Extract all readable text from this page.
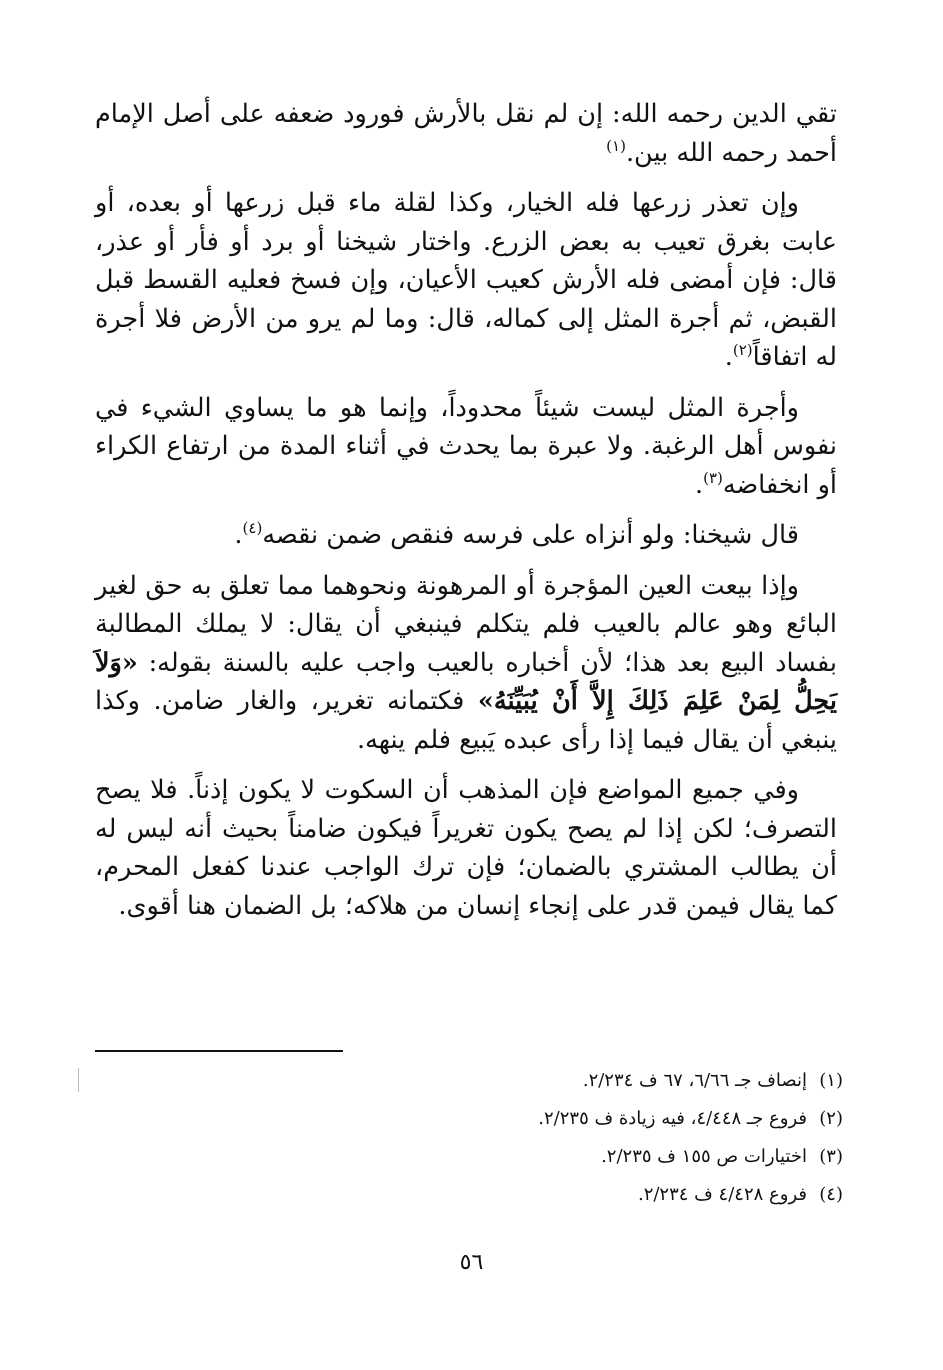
تقي الدين رحمه الله: إن لم نقل بالأرش فورود ضعفه على أصل الإمام أحمد رحمه الله بين.$^{(١)}$

وإن تعذر زرعها فله الخيار، وكذا لقلة ماء قبل زرعها أو بعده، أو عابت بغرق تعيب به بعض الزرع. واختار شيخنا أو برد أو فأر أو عذر، قال: فإن أمضى فله الأرش كعيب الأعيان، وإن فسخ فعليه القسط قبل القبض، ثم أجرة المثل إلى كماله، قال: وما لم يرو من الأرض فلا أجرة له اتفاقاً$^{(٢)}$.

وأجرة المثل ليست شيئاً محدوداً، وإنما هو ما يساوي الشيء في نفوس أهل الرغبة. ولا عبرة بما يحدث في أثناء المدة من ارتفاع الكراء أو انخفاضه$^{(٣)}$.

قال شيخنا: ولو أنزاه على فرسه فنقص ضمن نقصه$^{(٤)}$.

وإذا بيعت العين المؤجرة أو المرهونة ونحوهما مما تعلق به حق لغير البائع وهو عالم بالعيب فلم يتكلم فينبغي أن يقال: لا يملك المطالبة بفساد البيع بعد هذا؛ لأن أخباره بالعيب واجب عليه بالسنة بقوله: «وَلاَ يَحِلُّ لِمَنْ عَلِمَ ذَلِكَ إِلاَّ أَنْ يُبَيِّنَهُ» فكتمانه تغرير، والغار ضامن. وكذا ينبغي أن يقال فيما إذا رأى عبده يَبيع فلم ينهه.

وفي جميع المواضع فإن المذهب أن السكوت لا يكون إذناً. فلا يصح التصرف؛ لكن إذا لم يصح يكون تغريراً فيكون ضامناً بحيث أنه ليس له أن يطالب المشتري بالضمان؛ فإن ترك الواجب عندنا كفعل المحرم، كما يقال فيمن قدر على إنجاء إنسان من هلاكه؛ بل الضمان هنا أقوى.

(١)إنصاف جـ ٦/٦٦، ٦٧ ف ٢/٢٣٤.

(٢)فروع جـ ٤/٤٤٨، فيه زيادة ف ٢/٢٣٥.

(٣)اختيارات ص ١٥٥ ف ٢/٢٣٥.

(٤)فروع ٤/٤٢٨ ف ٢/٢٣٤.

٥٦
